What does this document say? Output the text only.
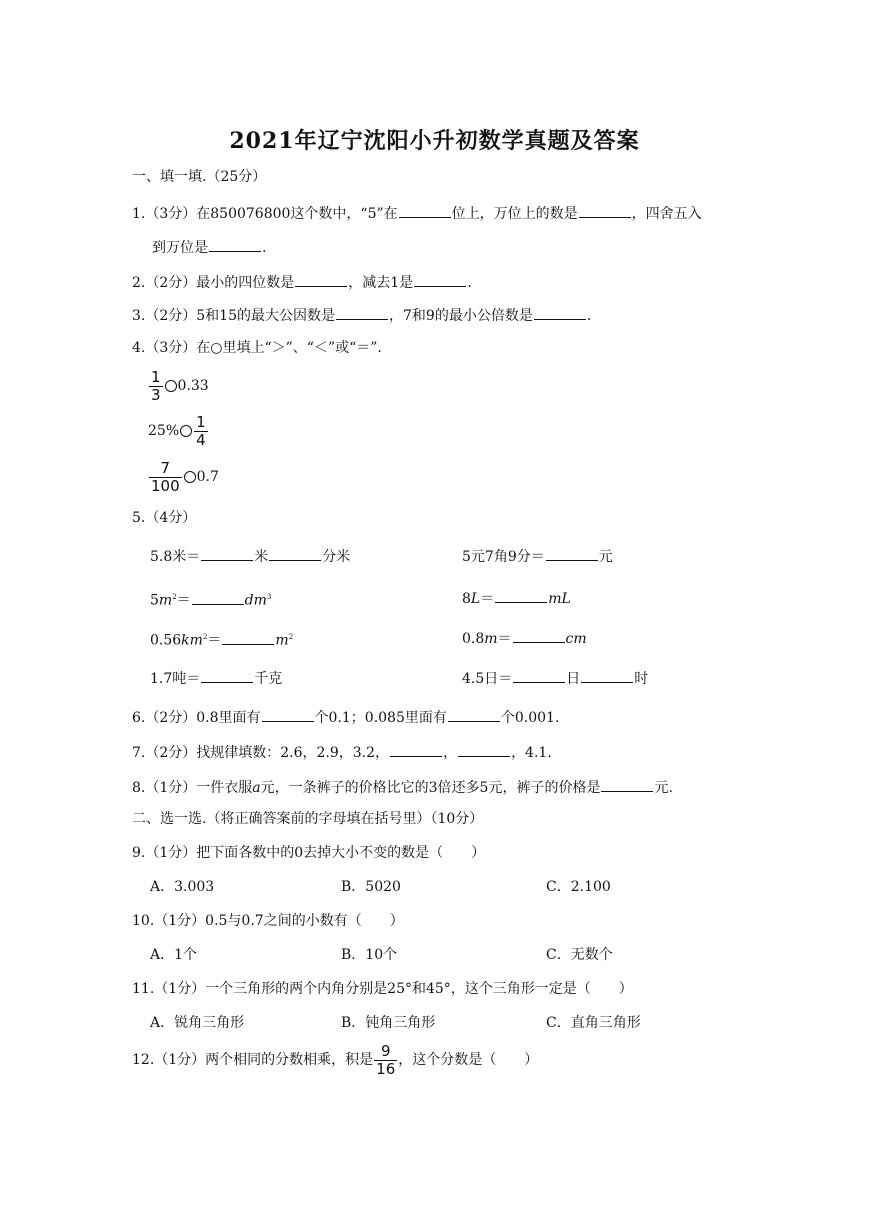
2021年辽宁沈阳小升初数学真题及答案
一、填一填.（25分）
1.（3分）在850076800这个数中，“5”在	位上，万位上的数是	，四舍五入
到万位是	.
2.（2分）最小的四位数是	，减去1是	.
3.（2分）5和15的最大公因数是	，7和9的最小公倍数是	.
4.（3分）在○里填上“＞”、“＜”或“＝”.
$\frac{1}{3} 0.33$
$25\% \frac{1}{4}$
$\frac{7}{100} 0.7$
5.（4分）
5.8米＝	米	分米	5元7角9分＝	元
$5m^2=$	$dm^3$	8L＝	mL
$0.56km^2=$	$m^2$	0.8m＝	cm
1.7吨＝	千克	4.5日＝	日	时
6.（2分）0.8里面有	个0.1；0.085里面有	个0.001.
7.（2分）找规律填数：2.6，2.9，3.2，	，	，4.1.
8.（1分）一件衣服a元，一条裤子的价格比它的3倍还多5元，裤子的价格是	元.
二、选一选.（将正确答案前的字母填在括号里）（10分）
9.（1分）把下面各数中的0去掉大小不变的数是（　　）
A．3.003	B．5020	C．2.100
10.（1分）0.5与0.7之间的小数有（　　）
A．1个	B．10个	C．无数个
11.（1分）一个三角形的两个内角分别是25°和45°，这个三角形一定是（　　）
A．锐角三角形	B．钝角三角形	C．直角三角形
12.（1分）两个相同的分数相乘，积是 $\frac{9}{16}$ ，这个分数是（　　）
